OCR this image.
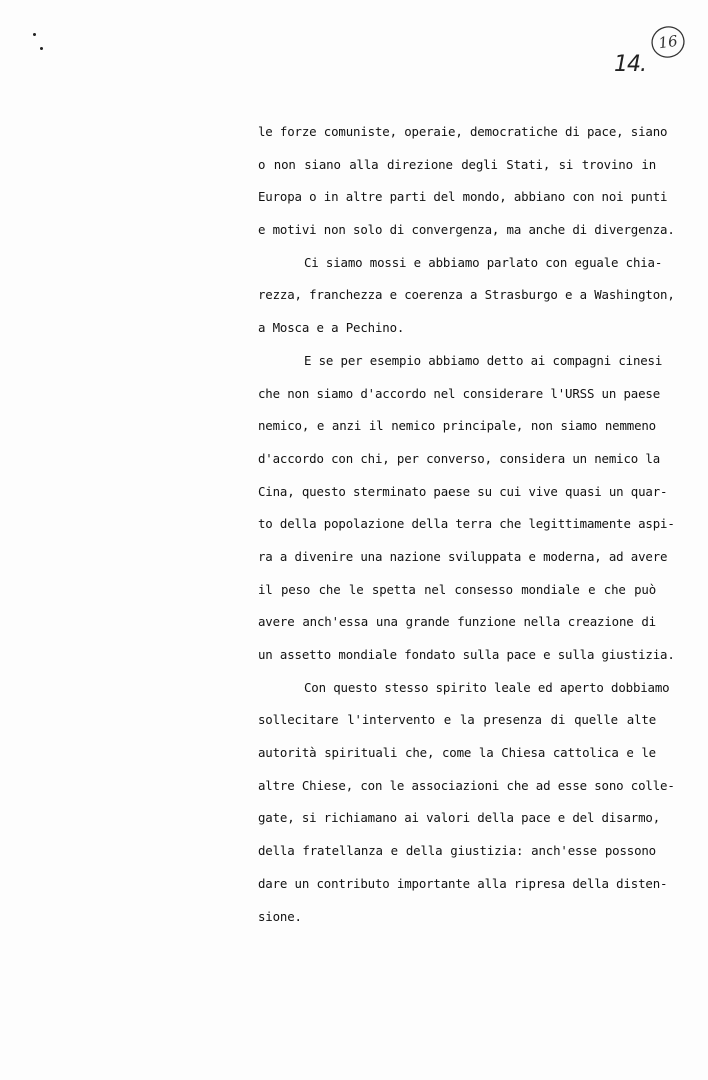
14.
16
le forze comuniste, operaie, democratiche di pace, siano
o non siano alla direzione degli Stati, si trovino in
Europa o in altre parti del mondo, abbiano con noi punti
e motivi non solo di convergenza, ma anche di divergenza.
Ci siamo mossi e abbiamo parlato con eguale chia-
rezza, franchezza e coerenza a Strasburgo e a Washington,
a Mosca e a Pechino.
E se per esempio abbiamo detto ai compagni cinesi
che non siamo d'accordo nel considerare l'URSS un paese
nemico, e anzi il nemico principale, non siamo nemmeno
d'accordo con chi, per converso, considera un nemico la
Cina, questo sterminato paese su cui vive quasi un quar-
to della popolazione della terra che legittimamente aspi-
ra a divenire una nazione sviluppata e moderna, ad avere
il peso che le spetta nel consesso mondiale e che può
avere anch'essa una grande funzione nella creazione di
un assetto mondiale fondato sulla pace e sulla giustizia.
Con questo stesso spirito leale ed aperto dobbiamo
sollecitare l'intervento e la presenza di quelle alte
autorità spirituali che, come la Chiesa cattolica e le
altre Chiese, con le associazioni che ad esse sono colle-
gate, si richiamano ai valori della pace e del disarmo,
della fratellanza e della giustizia: anch'esse possono
dare un contributo importante alla ripresa della disten-
sione.
